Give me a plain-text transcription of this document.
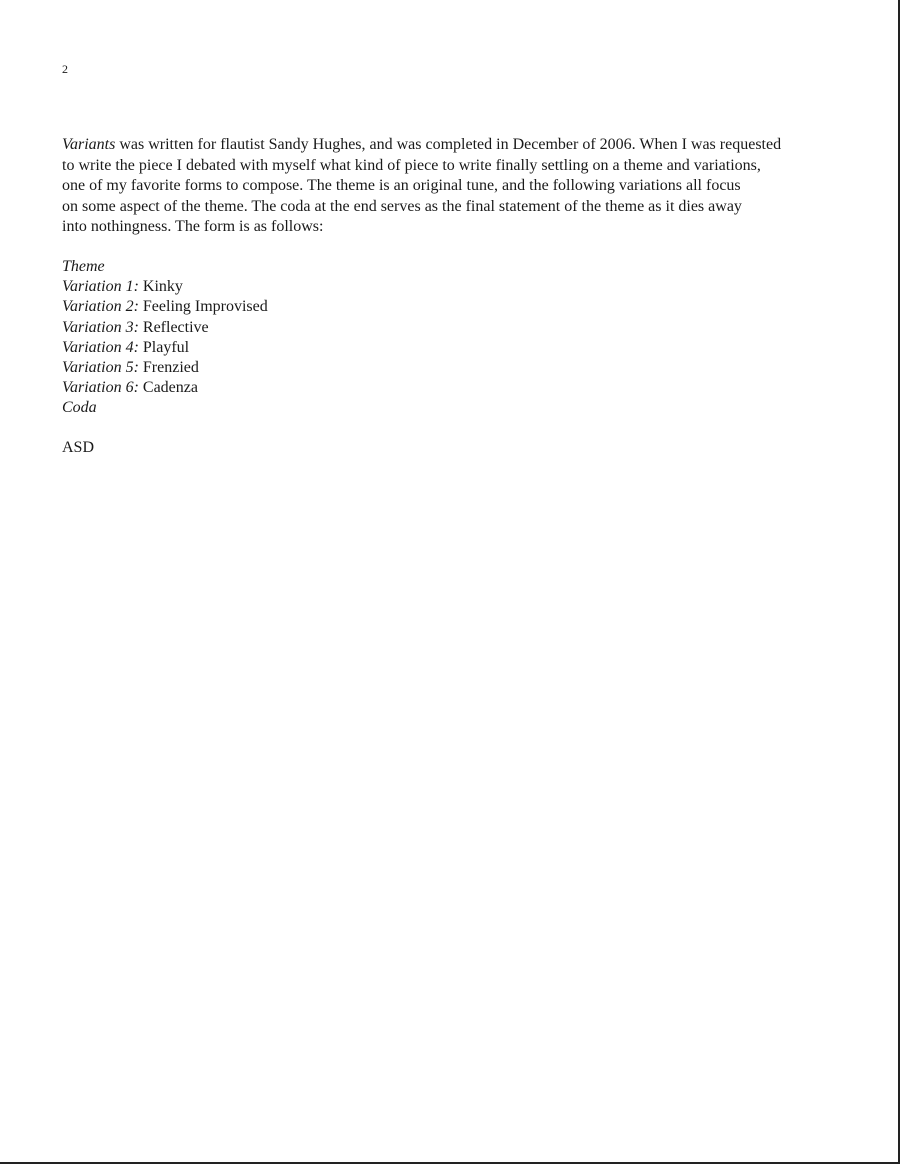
2

Variants was written for flautist Sandy Hughes, and was completed in December of 2006. When I was requested
to write the piece I debated with myself what kind of piece to write finally settling on a theme and variations,
one of my favorite forms to compose. The theme is an original tune, and the following variations all focus
on some aspect of the theme. The coda at the end serves as the final statement of the theme as it dies away
into nothingness. The form is as follows:

Theme
Variation 1: Kinky
Variation 2: Feeling Improvised
Variation 3: Reflective
Variation 4: Playful
Variation 5: Frenzied
Variation 6: Cadenza
Coda
ASD
